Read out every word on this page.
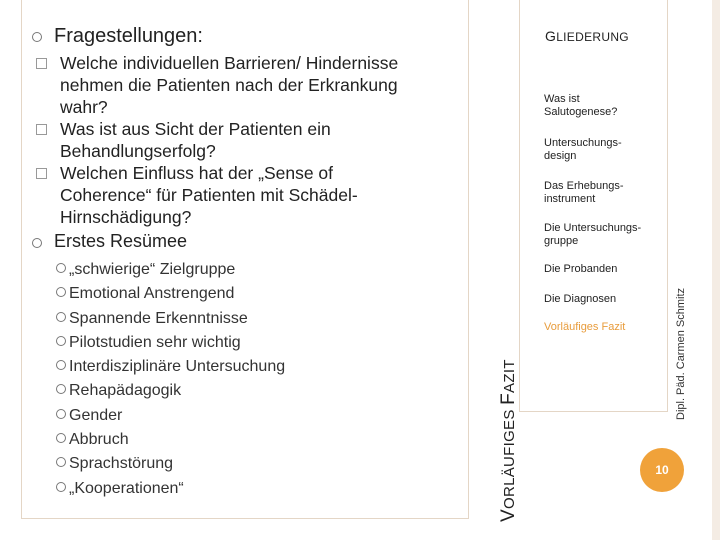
Fragestellungen:
Welche individuellen Barrieren/ Hindernisse
nehmen die Patienten nach der Erkrankung
wahr?
Was ist aus Sicht der Patienten ein
Behandlungserfolg?
Welchen Einfluss hat der „Sense of
Coherence“ für Patienten mit Schädel-
Hirnschädigung?
Erstes Resümee
„schwierige“ Zielgruppe
Emotional Anstrengend
Spannende Erkenntnisse
Pilotstudien sehr wichtig
Interdisziplinäre Untersuchung
Rehapädagogik
Gender
Abbruch
Sprachstörung
„Kooperationen“
GLIEDERUNG
Was ist
Salutogenese?
Untersuchungs-
design
Das Erhebungs-
instrument
Die Untersuchungs-
gruppe
Die Probanden
Die Diagnosen
Vorläufiges Fazit
VORLÄUFIGES FAZIT	Dipl. Päd. Carmen Schmitz
10
